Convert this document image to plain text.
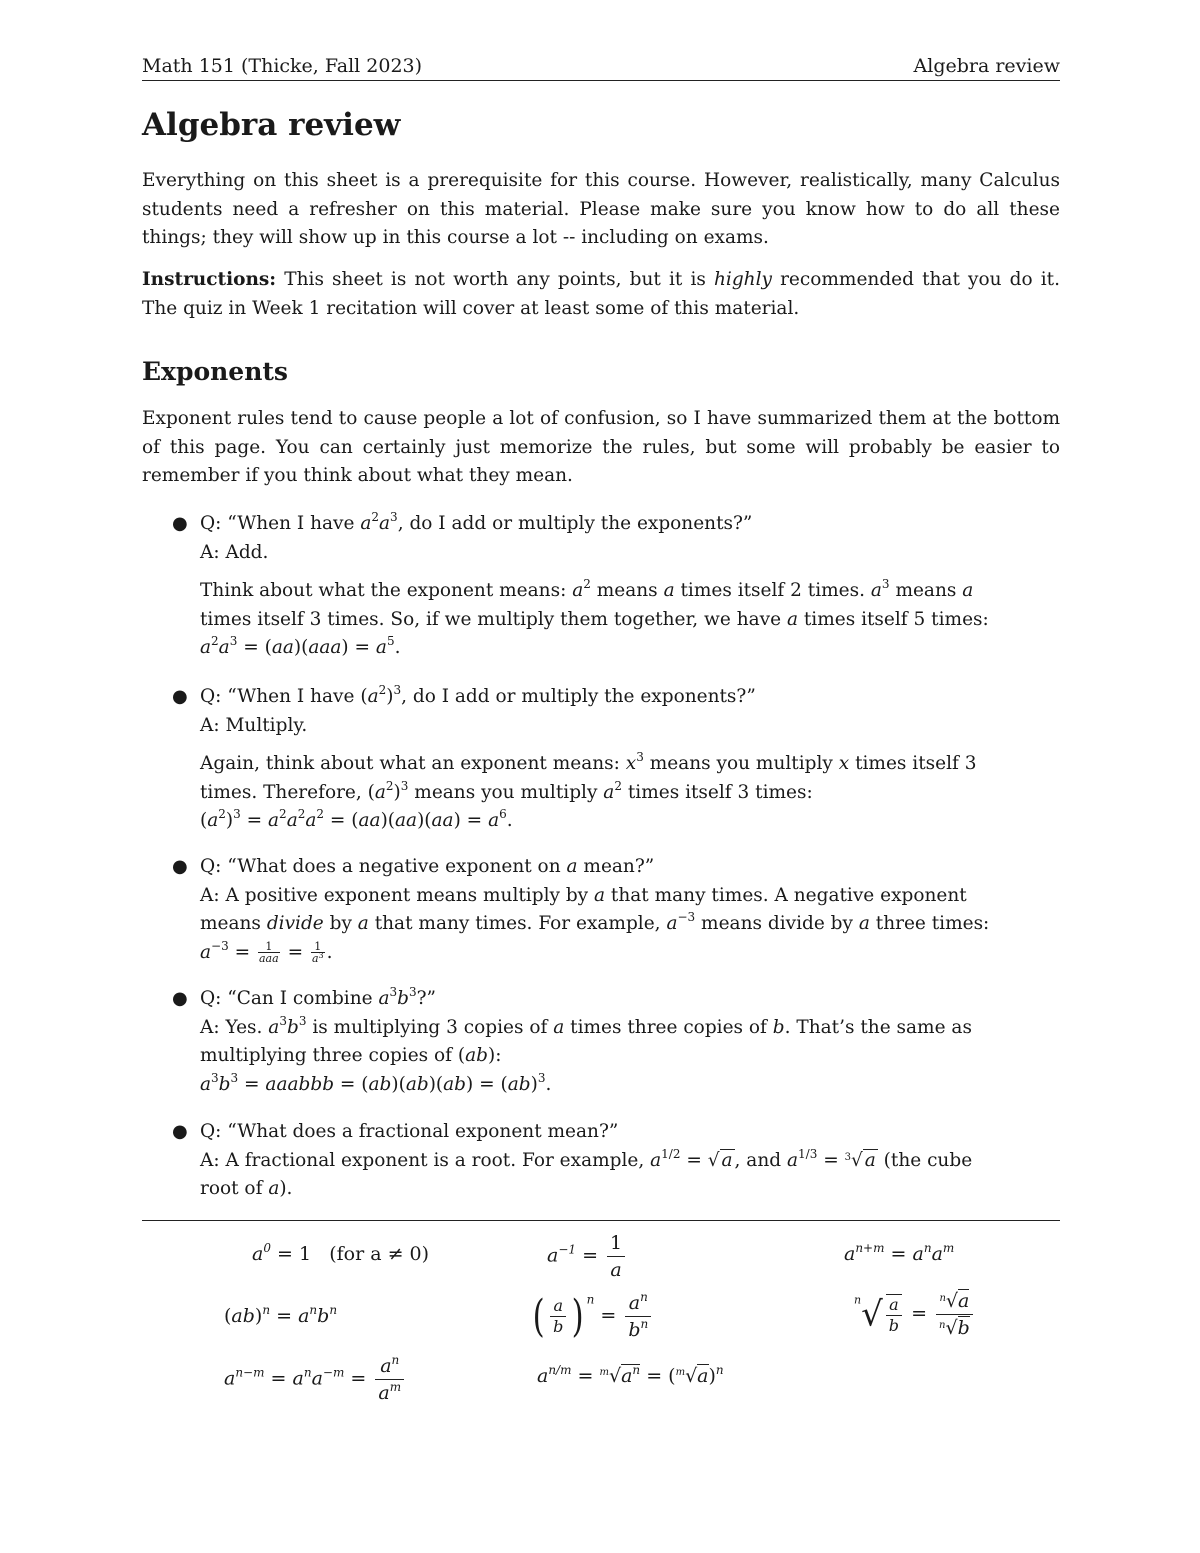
Math 151 (Thicke, Fall 2023)	Algebra review
Algebra review

Everything on this sheet is a prerequisite for this course. However, realistically, many Calculus students need a refresher on this material. Please make sure you know how to do all these things; they will show up in this course a lot -- including on exams.

Instructions: This sheet is not worth any points, but it is highly recommended that you do it. The quiz in Week 1 recitation will cover at least some of this material.

Exponents

Exponent rules tend to cause people a lot of confusion, so I have summarized them at the bottom of this page. You can certainly just memorize the rules, but some will probably be easier to remember if you think about what they mean.

● Q: “When I have $a^2a^3$, do I add or multiply the exponents?”
A: Add.
Think about what the exponent means: $a^2$ means a times itself 2 times. $a^3$ means a
times itself 3 times. So, if we multiply them together, we have a times itself 5 times:
$a^2a^3 = (aa)(aaa) = a^5$.
● Q: “When I have $(a^2)^3$, do I add or multiply the exponents?”
A: Multiply.
Again, think about what an exponent means: $x^3$ means you multiply x times itself 3
times. Therefore, $(a^2)^3$ means you multiply $a^2$ times itself 3 times:
$(a^2)^3 = a^2a^2a^2 = (aa)(aa)(aa) = a^6$.
● Q: “What does a negative exponent on a mean?”
A: A positive exponent means multiply by a that many times. A negative exponent
means divide by a that many times. For example, $a^{-3}$ means divide by a three times:
$a^{-3} = \frac{1}{\text{aaa}} = \frac{1}{a^3}$ .
● Q: “Can I combine $a^3b^3$?”
A: Yes. $a^3b^3$ is multiplying 3 copies of a times three copies of b. That’s the same as
multiplying three copies of (ab):
$a^3b^3$ = aaabbb = (ab)(ab)(ab) = (ab)$^3$.
● Q: “What does a fractional exponent mean?”
A: A fractional exponent is a root. For example, $a^{1/2}$ = √ a , and $a^{1/3} = ^3√$ a (the cube
root of a).
$a^0 = 1$ (for a ≠ 0)	$a^{-1} = \frac{1}{a}$	$a^{n+m} = a^na^m$
$(ab)^n = a^nb^n$	( $\frac{a}{b}$ ) $^n = \frac{a^n}{b^n}$	$^n√ \frac{a}{b} = \frac{^n√a}{^n√b}$
$a^{n-m} = a^na^{-m} = \frac{a^n}{a^m}$	$a^{n/m} = ^m√a^n = (^m√a)^n$
